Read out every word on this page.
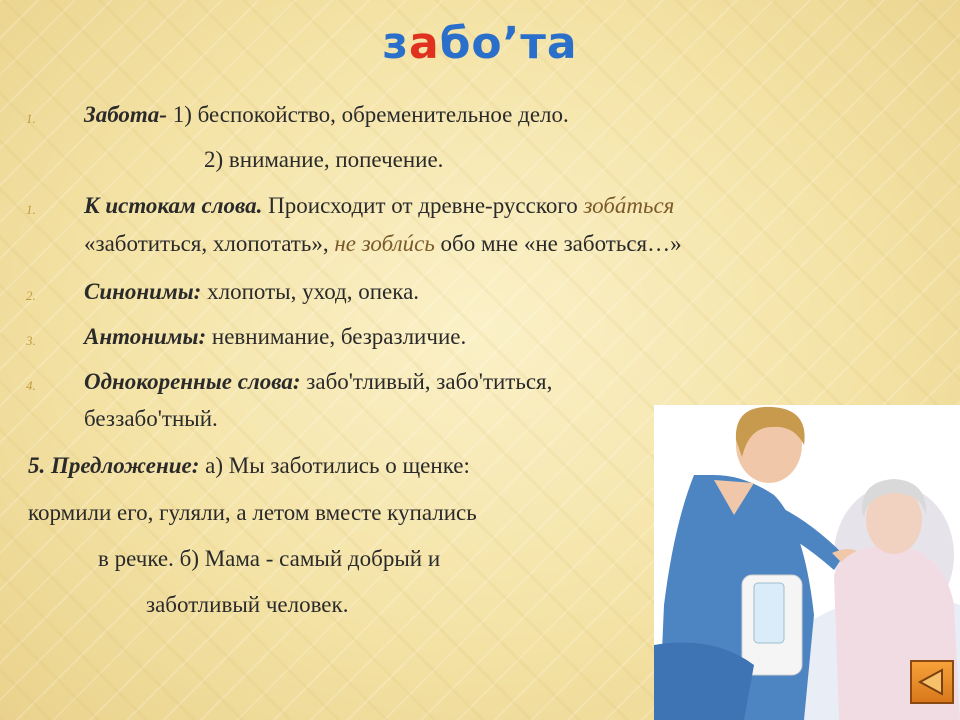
забо’та
1. Забота- 1) беспокойство, обременительное дело.
2) внимание, попечение.
1. К истокам слова. Происходит от древне-русского зобáться
«заботиться, хлопотать», не зоблúсь обо мне «не заботься…»
2. Синонимы: хлопоты, уход, опека.
3. Антонимы: невнимание, безразличие.
4. Однокоренные слова: забо'тливый, забо'титься,
беззабо'тный.
5. Предложение: а) Мы заботились о щенке:
кормили его, гуляли, а летом вместе купались
в речке. б) Мама - самый добрый и
заботливый человек.
